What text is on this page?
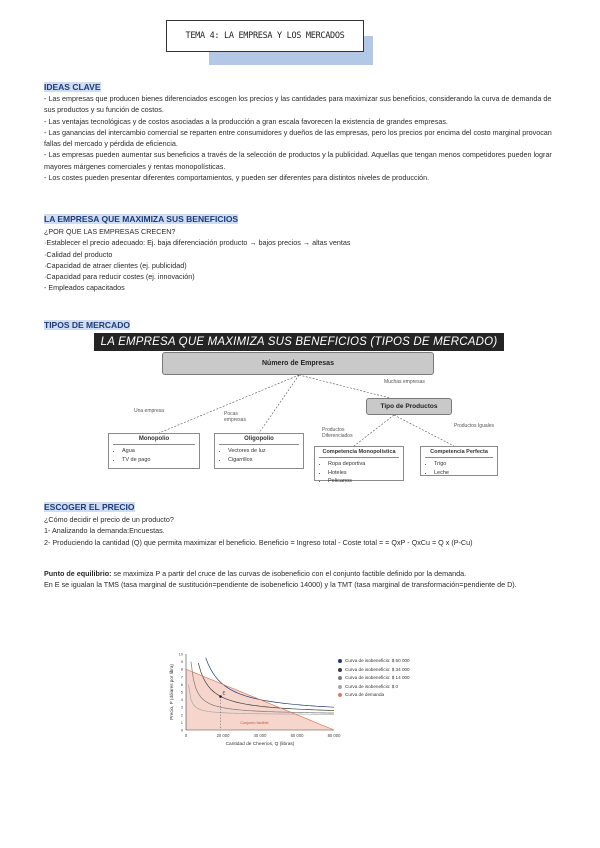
TEMA 4: LA EMPRESA Y LOS MERCADOS
IDEAS CLAVE

- Las empresas que producen bienes diferenciados escogen los precios y las cantidades para maximizar sus beneficios, considerando la curva de demanda de sus productos y su función de costos.

- Las ventajas tecnológicas y de costos asociadas a la producción a gran escala favorecen la existencia de grandes empresas.

- Las ganancias del intercambio comercial se reparten entre consumidores y dueños de las empresas, pero los precios por encima del costo marginal provocan fallas del mercado y pérdida de eficiencia.

- Las empresas pueden aumentar sus beneficios a través de la selección de productos y la publicidad. Aquellas que tengan menos competidores pueden lograr mayores márgenes comerciales y rentas monopolísticas.

- Los costes pueden presentar diferentes comportamientos, y pueden ser diferentes para distintos niveles de producción.

LA EMPRESA QUE MAXIMIZA SUS BENEFICIOS

¿POR QUE LAS EMPRESAS CRECEN?

·Establecer el precio adecuado: Ej. baja diferenciación producto → bajos precios → altas ventas

·Calidad del producto

·Capacidad de atraer clientes (ej. publicidad)

·Capacidad para reducir costes (ej. innovación)

- Empleados capacitados

TIPOS DE MERCADO
LA EMPRESA QUE MAXIMIZA SUS BENEFICIOS (TIPOS DE MERCADO)
Número de Empresas
Tipo de Productos
Una empresa	Pocas empresas
Muchas empresas
Productos Diferenciados
Productos Iguales
Monopolio
• Agua
• TV de pago
Oligopolio
• Vectores de luz
• Cigarrillos
Competencia Monopolística
• Ropa deportiva
• Hoteles
• Pelicanos
Competencia Perfecta
• Trigo
• Leche
ESCOGER EL PRECIO

¿Cómo decidir el precio de un producto?

1- Analizando la demanda:Encuestas.

2- Produciendo la cantidad (Q) que permita maximizar el beneficio. Beneficio = Ingreso total - Coste total = = QxP - QxCu = Q x (P-Cu)

Punto de equilibrio: se maximiza P a partir del cruce de las curvas de isobeneficio con el conjunto factible definido por la demanda.

En E se igualan la TMS (tasa marginal de sustitución=pendiente de isobeneficio 14000) y la TMT (tasa marginal de transformación=pendiente de D).

0
1
2
3
4
5
6
7
8
9
10
0	20 000	40 000	60 000	80 000
E
Conjunto factible
Cantidad de Cheerios, Q (libras)
Precio, P (dólares por libra)
Curva de isobeneficio: $ 60 000
Curva de isobeneficio: $ 34 000
Curva de isobeneficio: $ 14 000
Curva de isobeneficio: $ 0
Curva de demanda
